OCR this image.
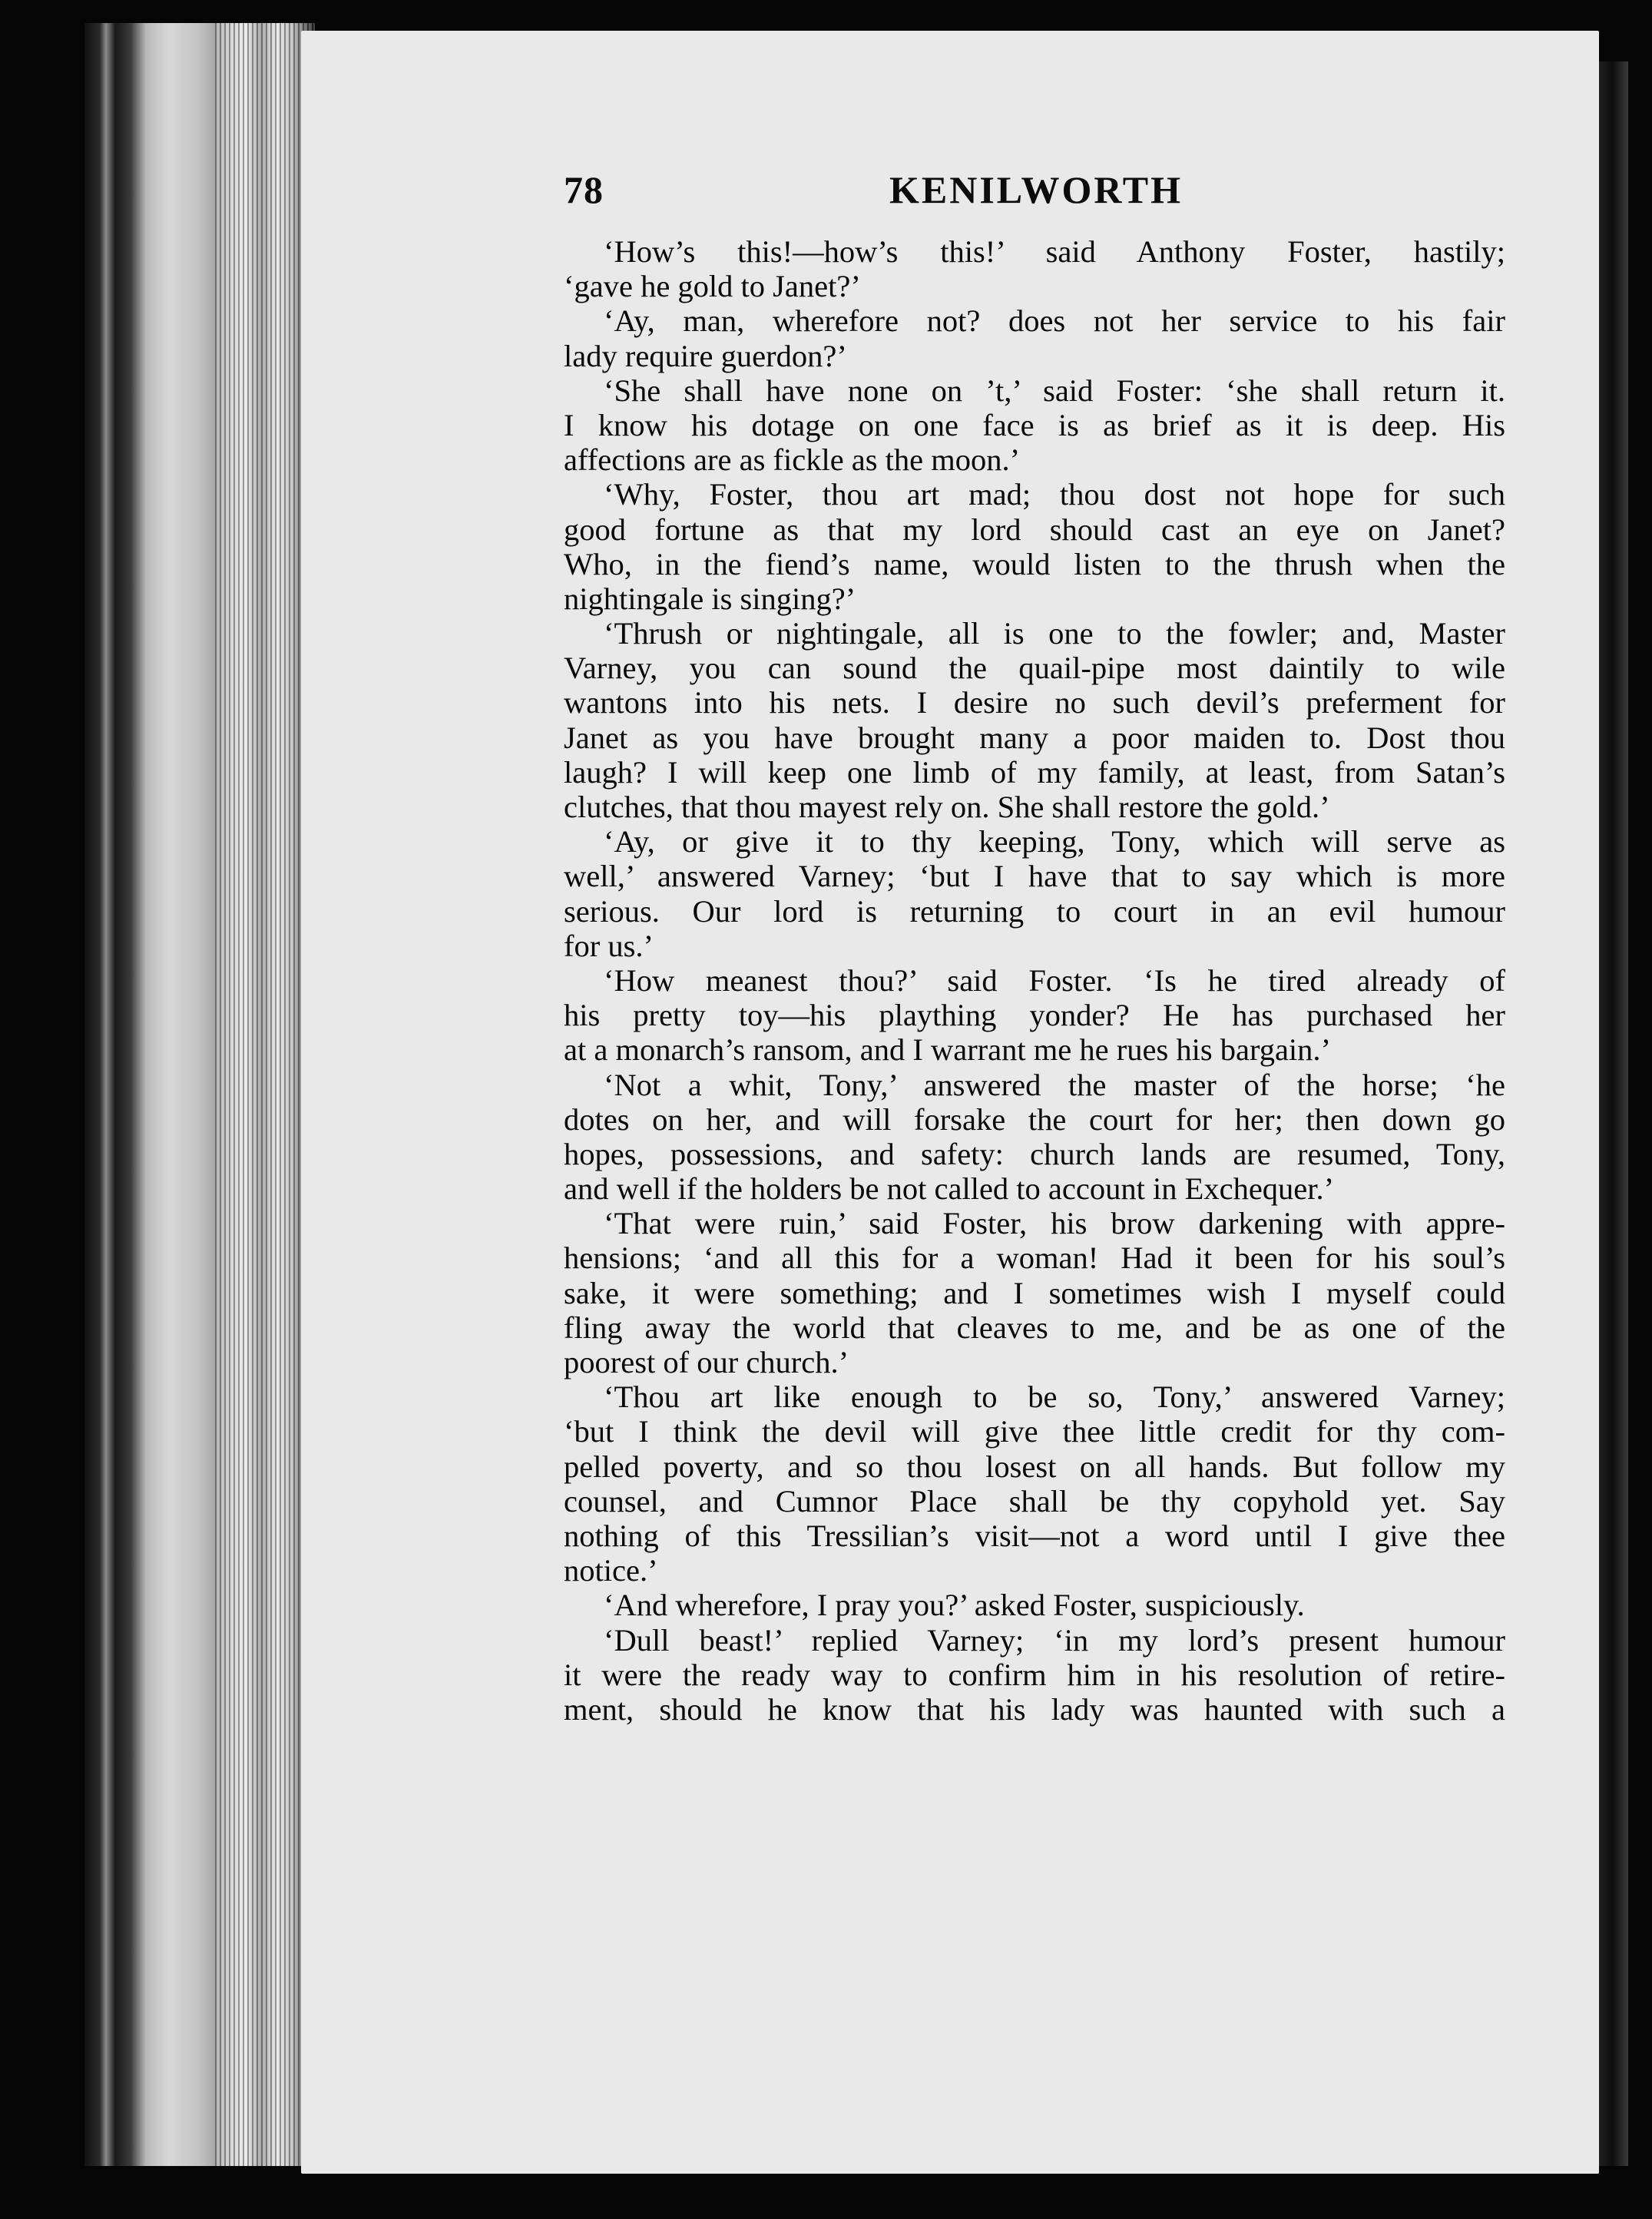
78	KENILWORTH
‘How’s this!—how’s this!’ said Anthony Foster, hastily;
‘gave he gold to Janet?’
‘Ay, man, wherefore not? does not her service to his fair
lady require guerdon?’
‘She shall have none on ’t,’ said Foster: ‘she shall return it.
I know his dotage on one face is as brief as it is deep. His
affections are as fickle as the moon.’
‘Why, Foster, thou art mad; thou dost not hope for such
good fortune as that my lord should cast an eye on Janet?
Who, in the fiend’s name, would listen to the thrush when the
nightingale is singing?’
‘Thrush or nightingale, all is one to the fowler; and, Master
Varney, you can sound the quail-pipe most daintily to wile
wantons into his nets. I desire no such devil’s preferment for
Janet as you have brought many a poor maiden to. Dost thou
laugh? I will keep one limb of my family, at least, from Satan’s
clutches, that thou mayest rely on. She shall restore the gold.’
‘Ay, or give it to thy keeping, Tony, which will serve as
well,’ answered Varney; ‘but I have that to say which is more
serious. Our lord is returning to court in an evil humour
for us.’
‘How meanest thou?’ said Foster. ‘Is he tired already of
his pretty toy—his plaything yonder? He has purchased her
at a monarch’s ransom, and I warrant me he rues his bargain.’
‘Not a whit, Tony,’ answered the master of the horse; ‘he
dotes on her, and will forsake the court for her; then down go
hopes, possessions, and safety: church lands are resumed, Tony,
and well if the holders be not called to account in Exchequer.’
‘That were ruin,’ said Foster, his brow darkening with appre-
hensions; ‘and all this for a woman! Had it been for his soul’s
sake, it were something; and I sometimes wish I myself could
fling away the world that cleaves to me, and be as one of the
poorest of our church.’
‘Thou art like enough to be so, Tony,’ answered Varney;
‘but I think the devil will give thee little credit for thy com-
pelled poverty, and so thou losest on all hands. But follow my
counsel, and Cumnor Place shall be thy copyhold yet. Say
nothing of this Tressilian’s visit—not a word until I give thee
notice.’
‘And wherefore, I pray you?’ asked Foster, suspiciously.
‘Dull beast!’ replied Varney; ‘in my lord’s present humour
it were the ready way to confirm him in his resolution of retire-
ment, should he know that his lady was haunted with such a
